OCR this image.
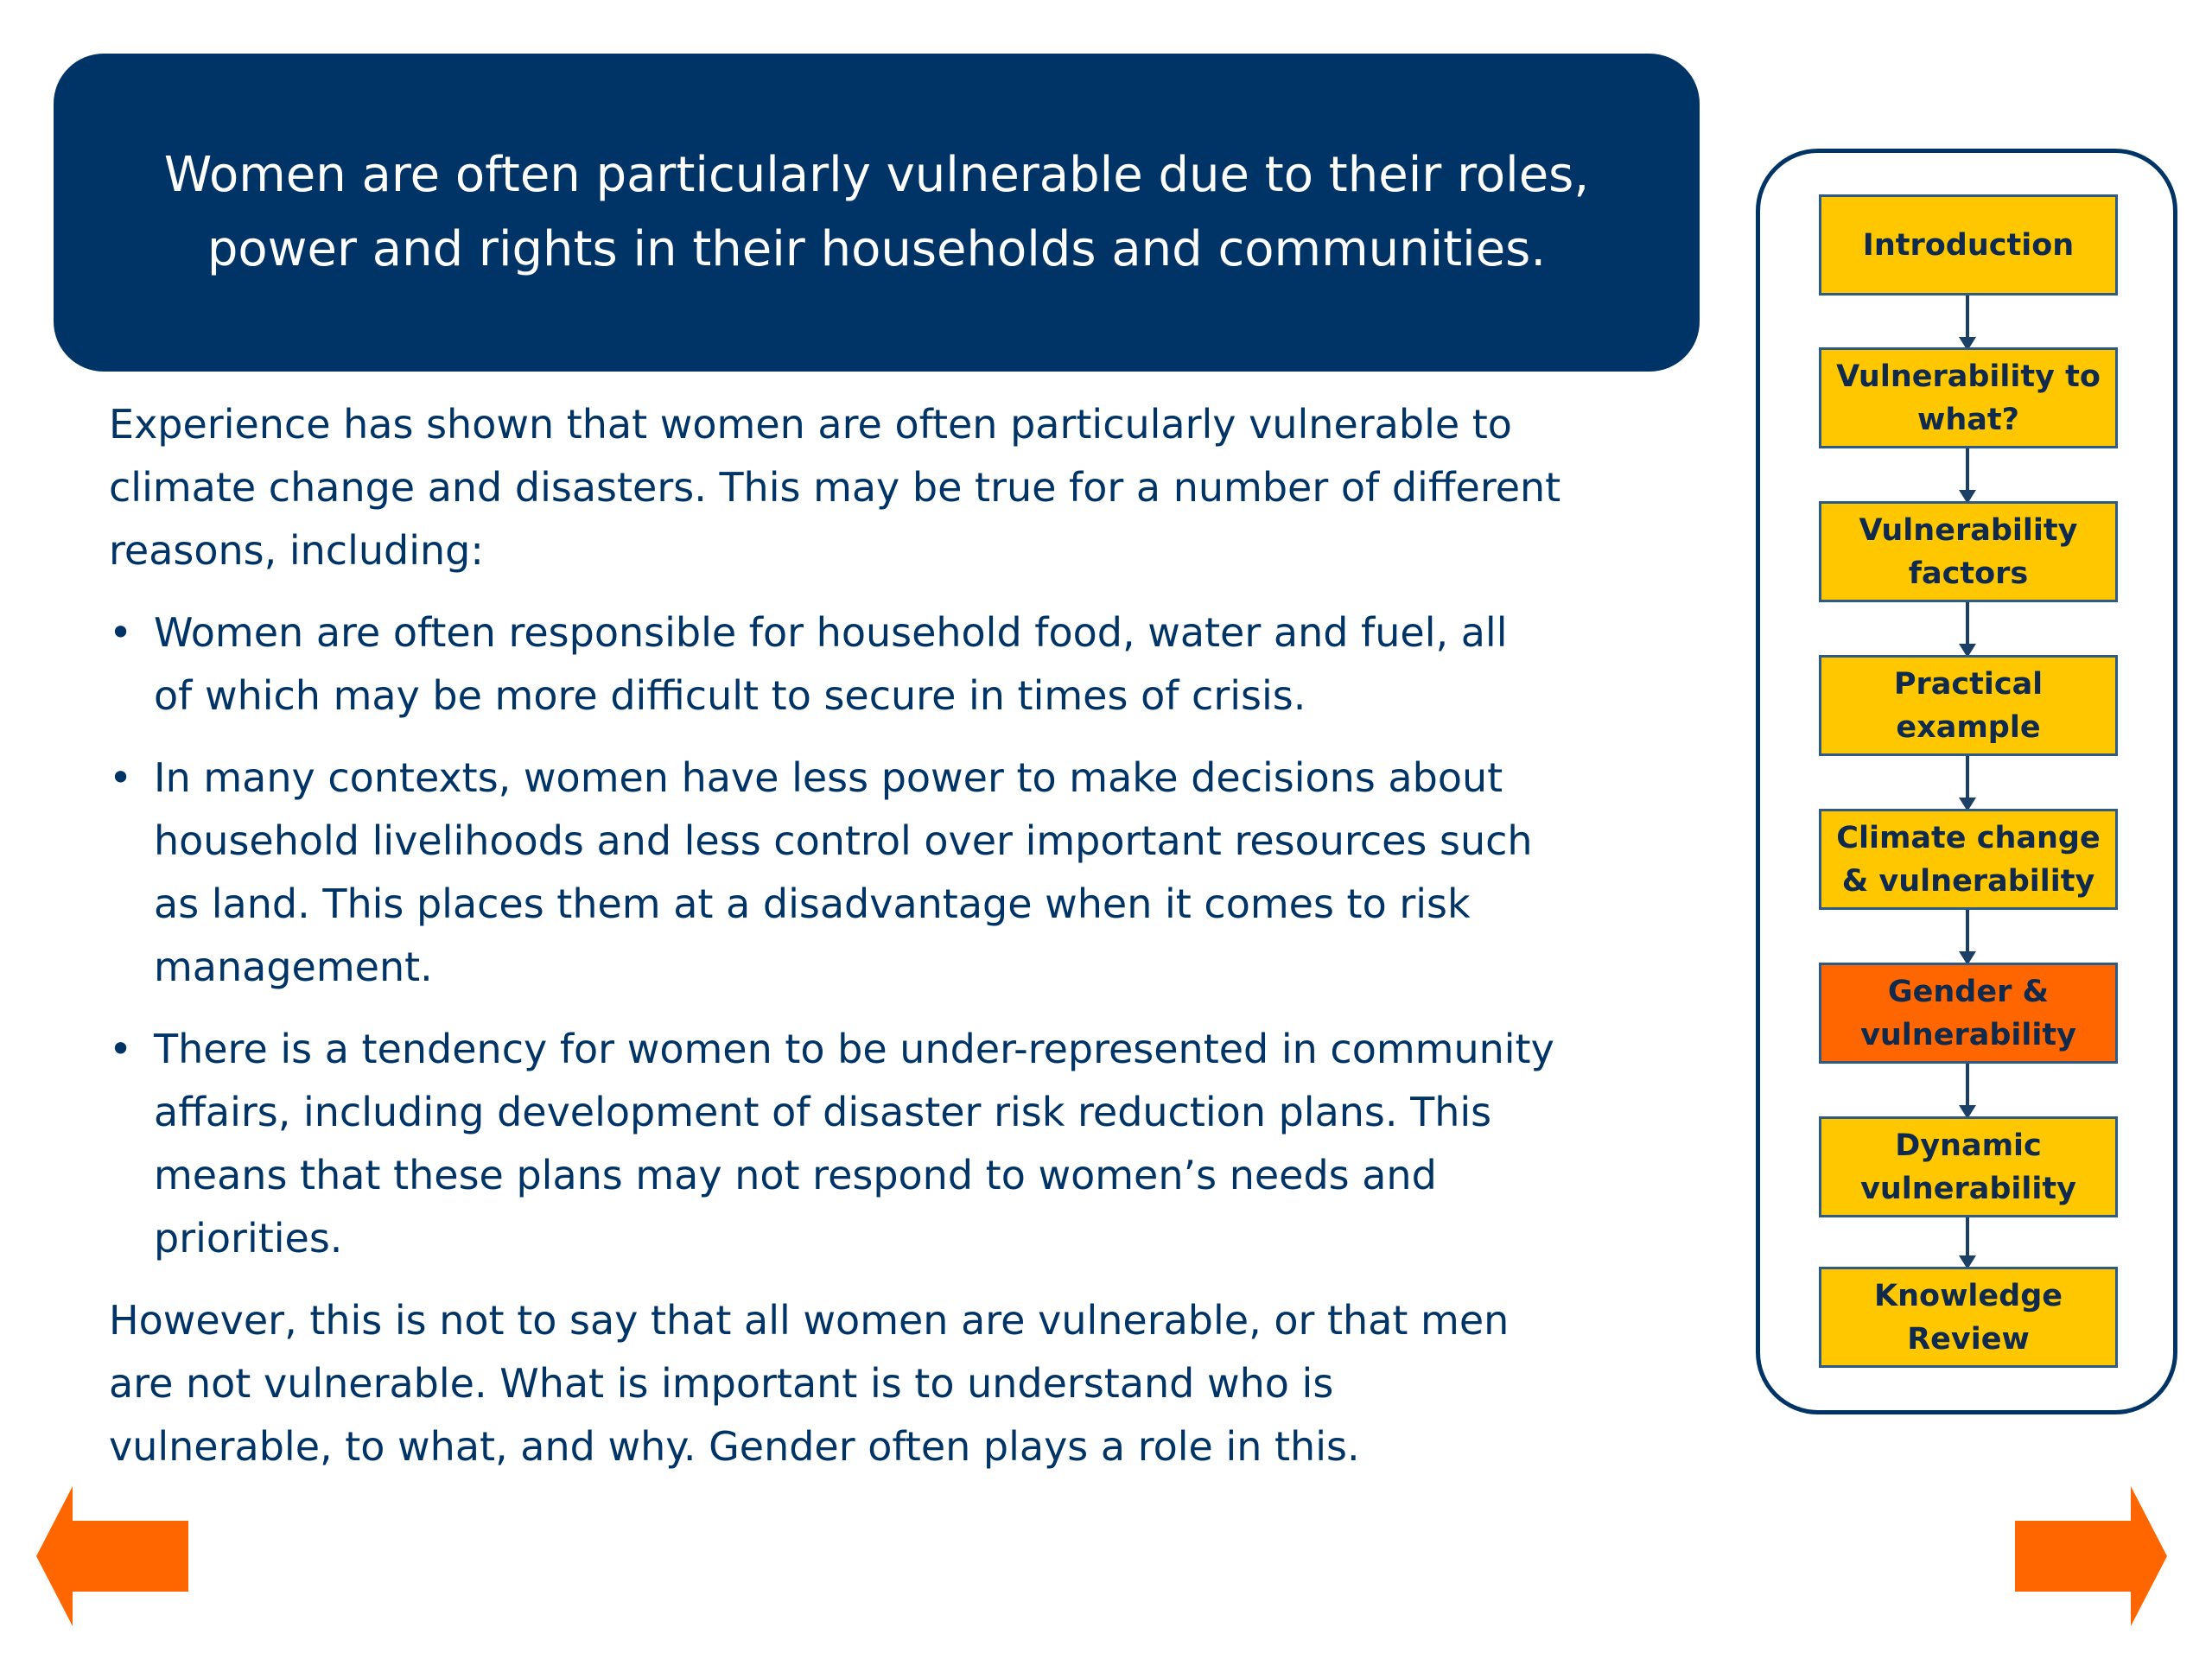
Women are often particularly vulnerable due to their roles,
power and rights in their households and communities.

Experience has shown that women are often particularly vulnerable to
climate change and disasters. This may be true for a number of different
reasons, including:

• Women are often responsible for household food, water and fuel, all
of which may be more difficult to secure in times of crisis.
• In many contexts, women have less power to make decisions about
household livelihoods and less control over important resources such
as land. This places them at a disadvantage when it comes to risk
management.
• There is a tendency for women to be under-represented in community
affairs, including development of disaster risk reduction plans. This
means that these plans may not respond to women’s needs and
priorities.

However, this is not to say that all women are vulnerable, or that men
are not vulnerable. What is important is to understand who is
vulnerable, to what, and why. Gender often plays a role in this.

Introduction
Vulnerability to
what?
Vulnerability
factors
Practical
example
Climate change
& vulnerability
Gender &
vulnerability
Dynamic
vulnerability
Knowledge
Review
